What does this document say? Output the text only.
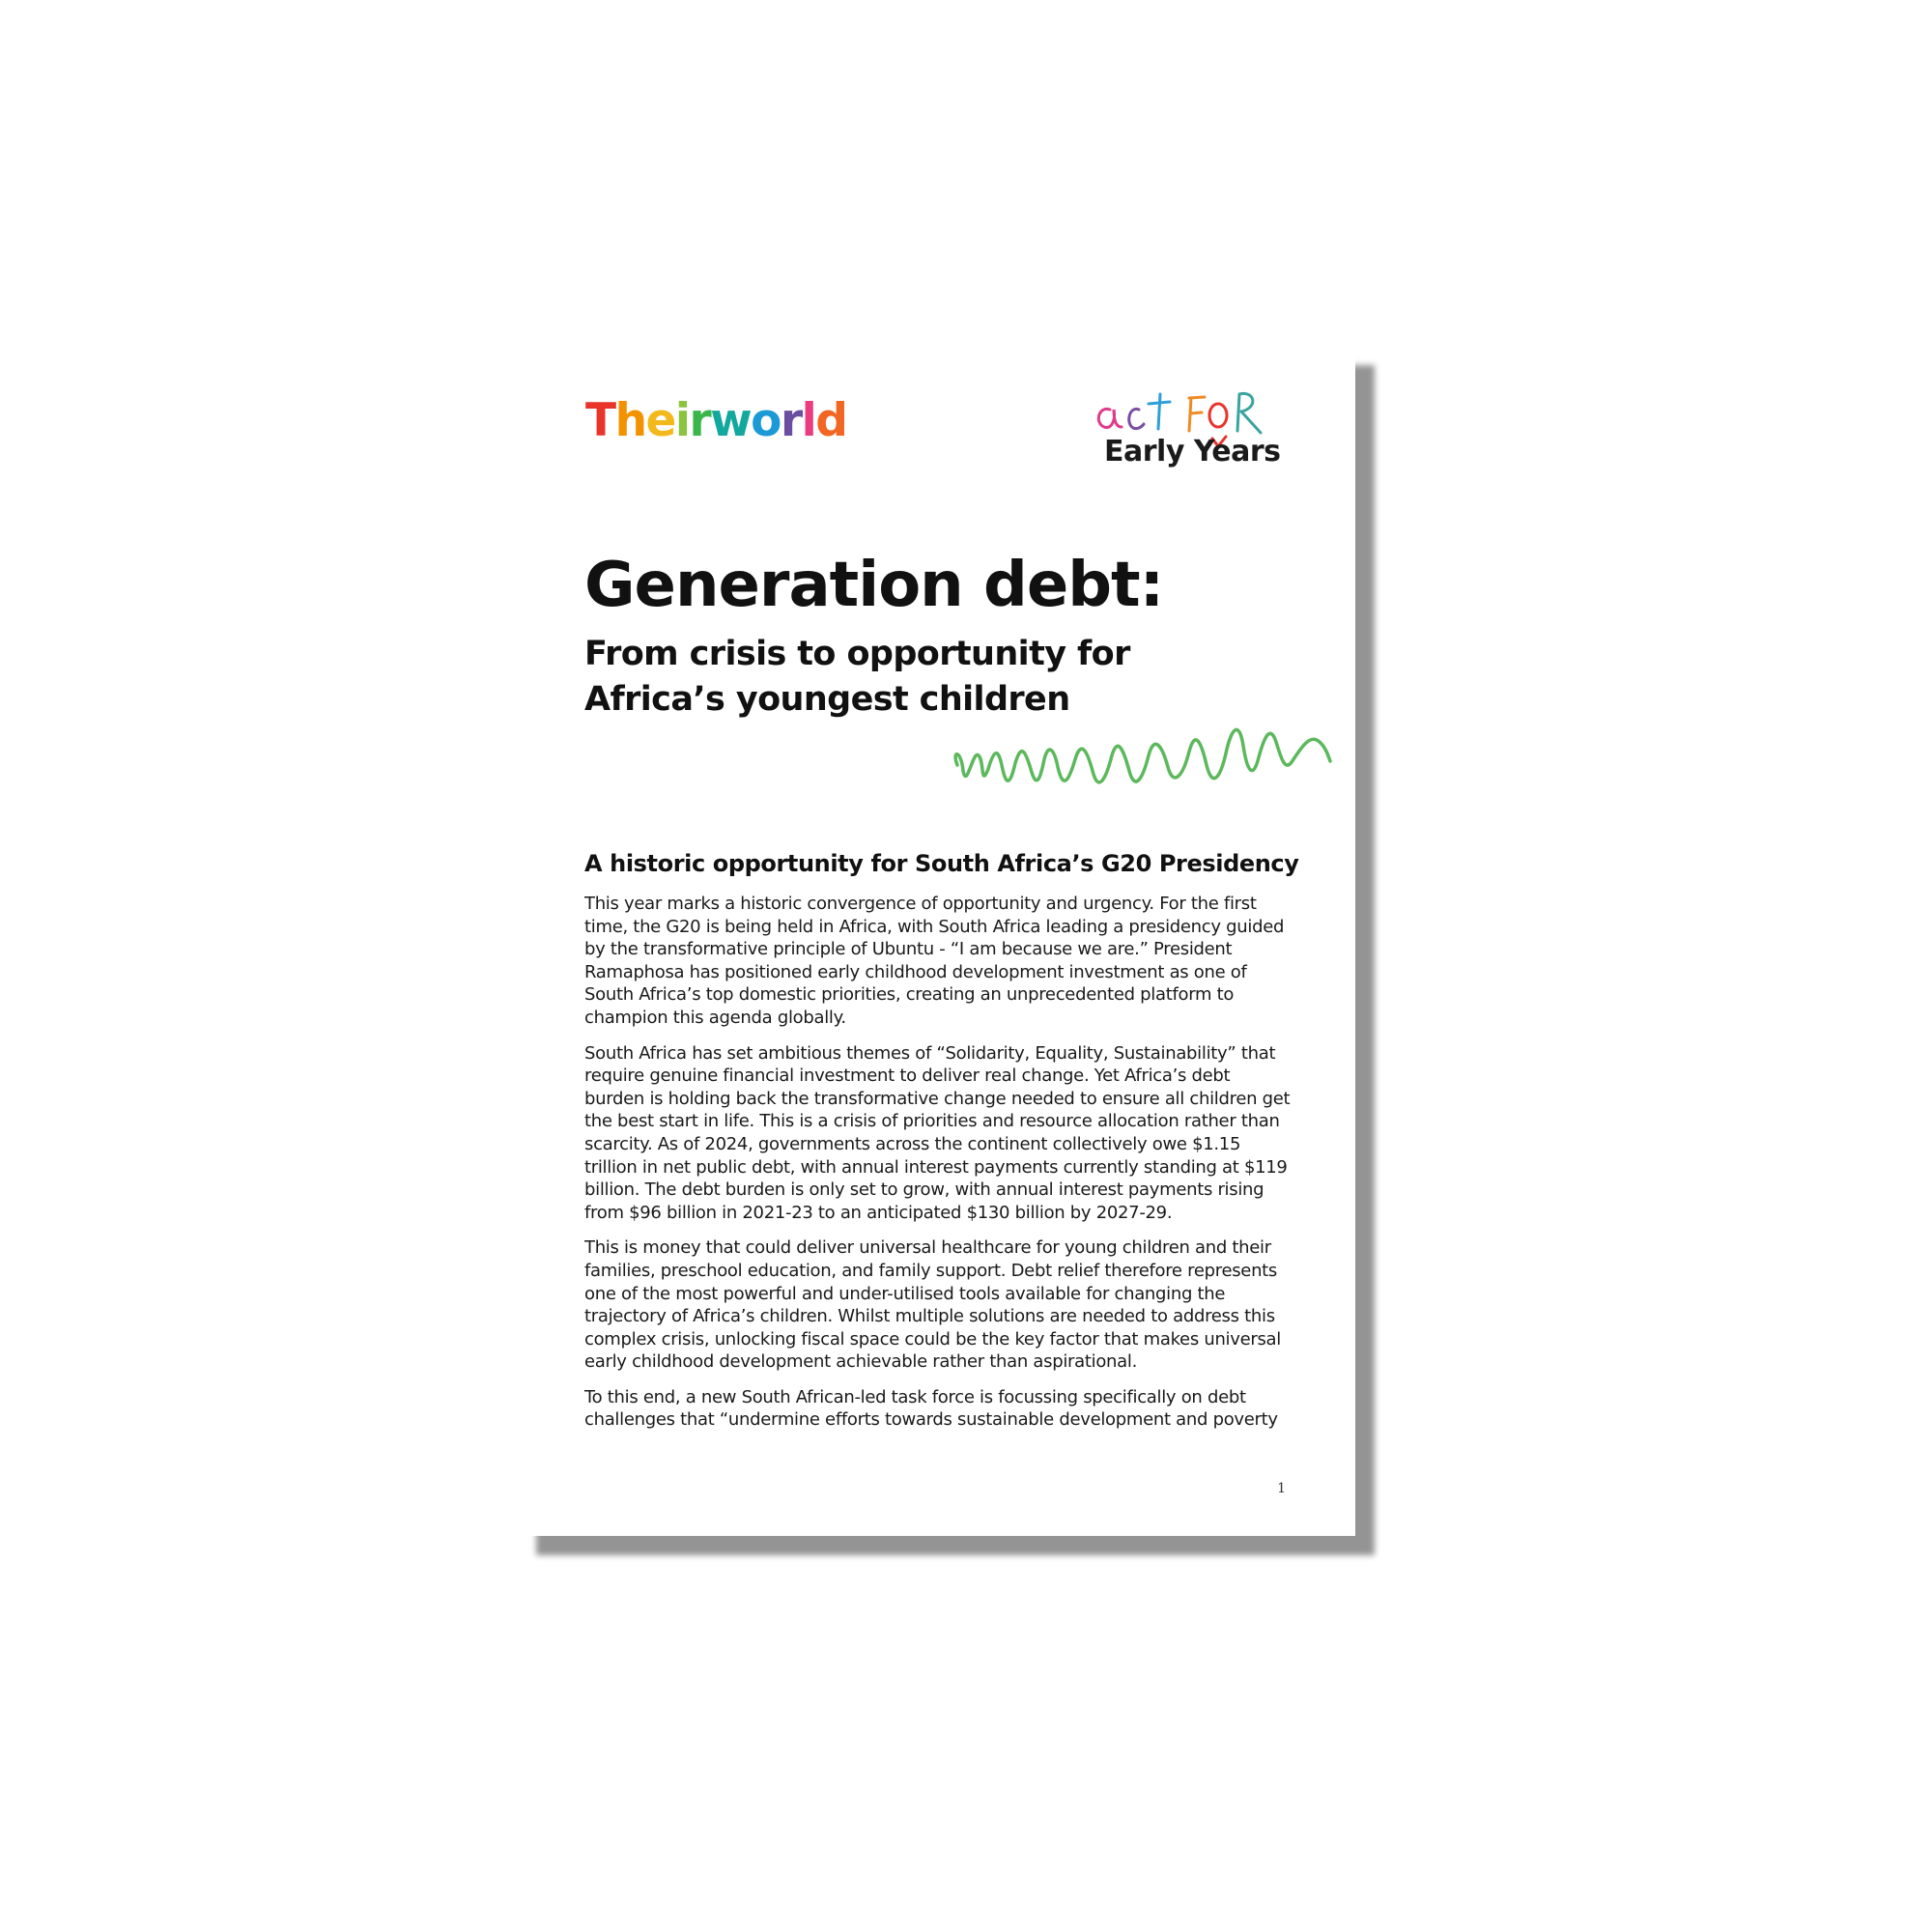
Theirworld
Early Years
Generation debt:
From crisis to opportunity for Africa’s youngest children
A historic opportunity for South Africa’s G20 Presidency

This year marks a historic convergence of opportunity and urgency. For the first time, the G20 is being held in Africa, with South Africa leading a presidency guided by the transformative principle of Ubuntu - “I am because we are.” President Ramaphosa has positioned early childhood development investment as one of South Africa’s top domestic priorities, creating an unprecedented platform to champion this agenda globally.

South Africa has set ambitious themes of “Solidarity, Equality, Sustainability” that require genuine financial investment to deliver real change. Yet Africa’s debt burden is holding back the transformative change needed to ensure all children get the best start in life. This is a crisis of priorities and resource allocation rather than scarcity. As of 2024, governments across the continent collectively owe $1.15 trillion in net public debt, with annual interest payments currently standing at $119 billion. The debt burden is only set to grow, with annual interest payments rising from $96 billion in 2021-23 to an anticipated $130 billion by 2027-29.

This is money that could deliver universal healthcare for young children and their families, preschool education, and family support. Debt relief therefore represents one of the most powerful and under-utilised tools available for changing the trajectory of Africa’s children. Whilst multiple solutions are needed to address this complex crisis, unlocking fiscal space could be the key factor that makes universal early childhood development achievable rather than aspirational.

To this end, a new South African-led task force is focussing specifically on debt challenges that “undermine efforts towards sustainable development and poverty

1
